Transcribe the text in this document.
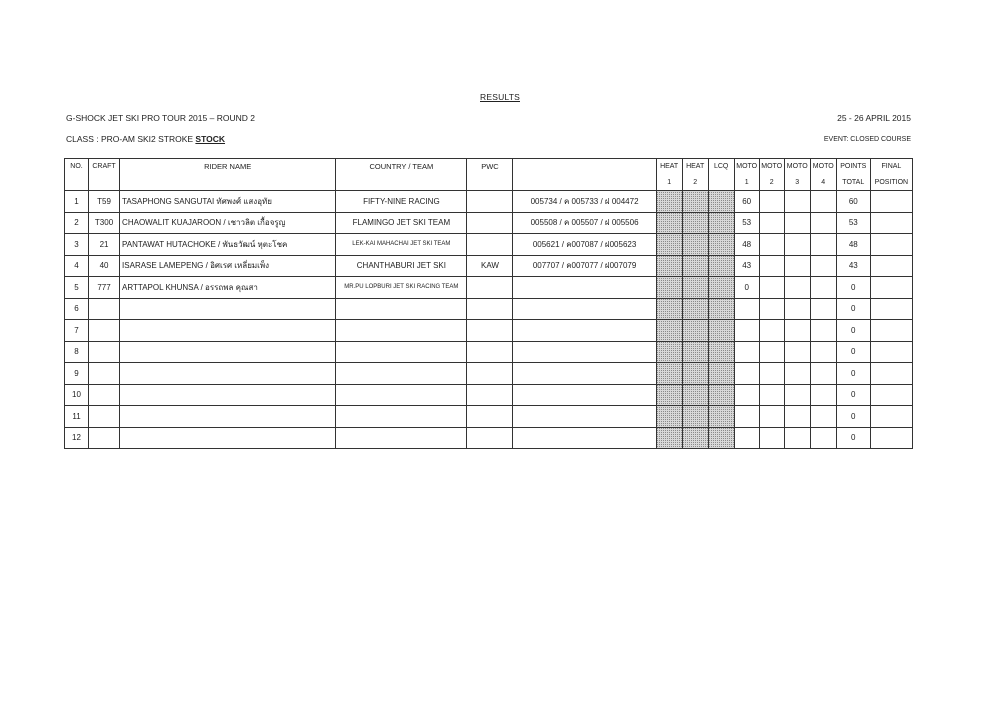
RESULTS
G-SHOCK JET SKI PRO TOUR 2015 – ROUND 2	25 - 26 APRIL 2015
CLASS : PRO-AM SKI2 STROKE STOCK	EVENT: CLOSED COURSE
NO.	CRAFT	RIDER NAME	COUNTRY / TEAM	PWC		HEAT	HEAT	LCQ	MOTO	MOTO	MOTO	MOTO	POINTS	FINAL
						1	2		1	2	3	4	TOTAL	POSITION
1	T59	TASAPHONG SANGUTAI ทัศพงศ์ แสงอุทัย	FIFTY-NINE RACING		005734 / ค 005733 / ฝ 004472				60				60	
2	T300	CHAOWALIT KUAJAROON / เชาวลิต เกื้อจรูญ	FLAMINGO JET SKI TEAM		005508 / ค 005507 / ฝ 005506				53				53	
3	21	PANTAWAT HUTACHOKE / พันธวัฒน์ หุตะโชค	LEK-KAI MAHACHAI JET SKI TEAM		005621 / ค007087 / ฝ005623				48				48	
4	40	ISARASE LAMEPENG / อิศเรศ เหลี่ยมเพ็ง	CHANTHABURI JET SKI	KAW	007707 / ค007077 / ฝ007079				43				43	
5	777	ARTTAPOL KHUNSA / อรรถพล คุณสา	MR.PU LOPBURI JET SKI RACING TEAM						0				0	
6													0	
7													0	
8													0	
9													0	
10													0	
11													0	
12													0	
